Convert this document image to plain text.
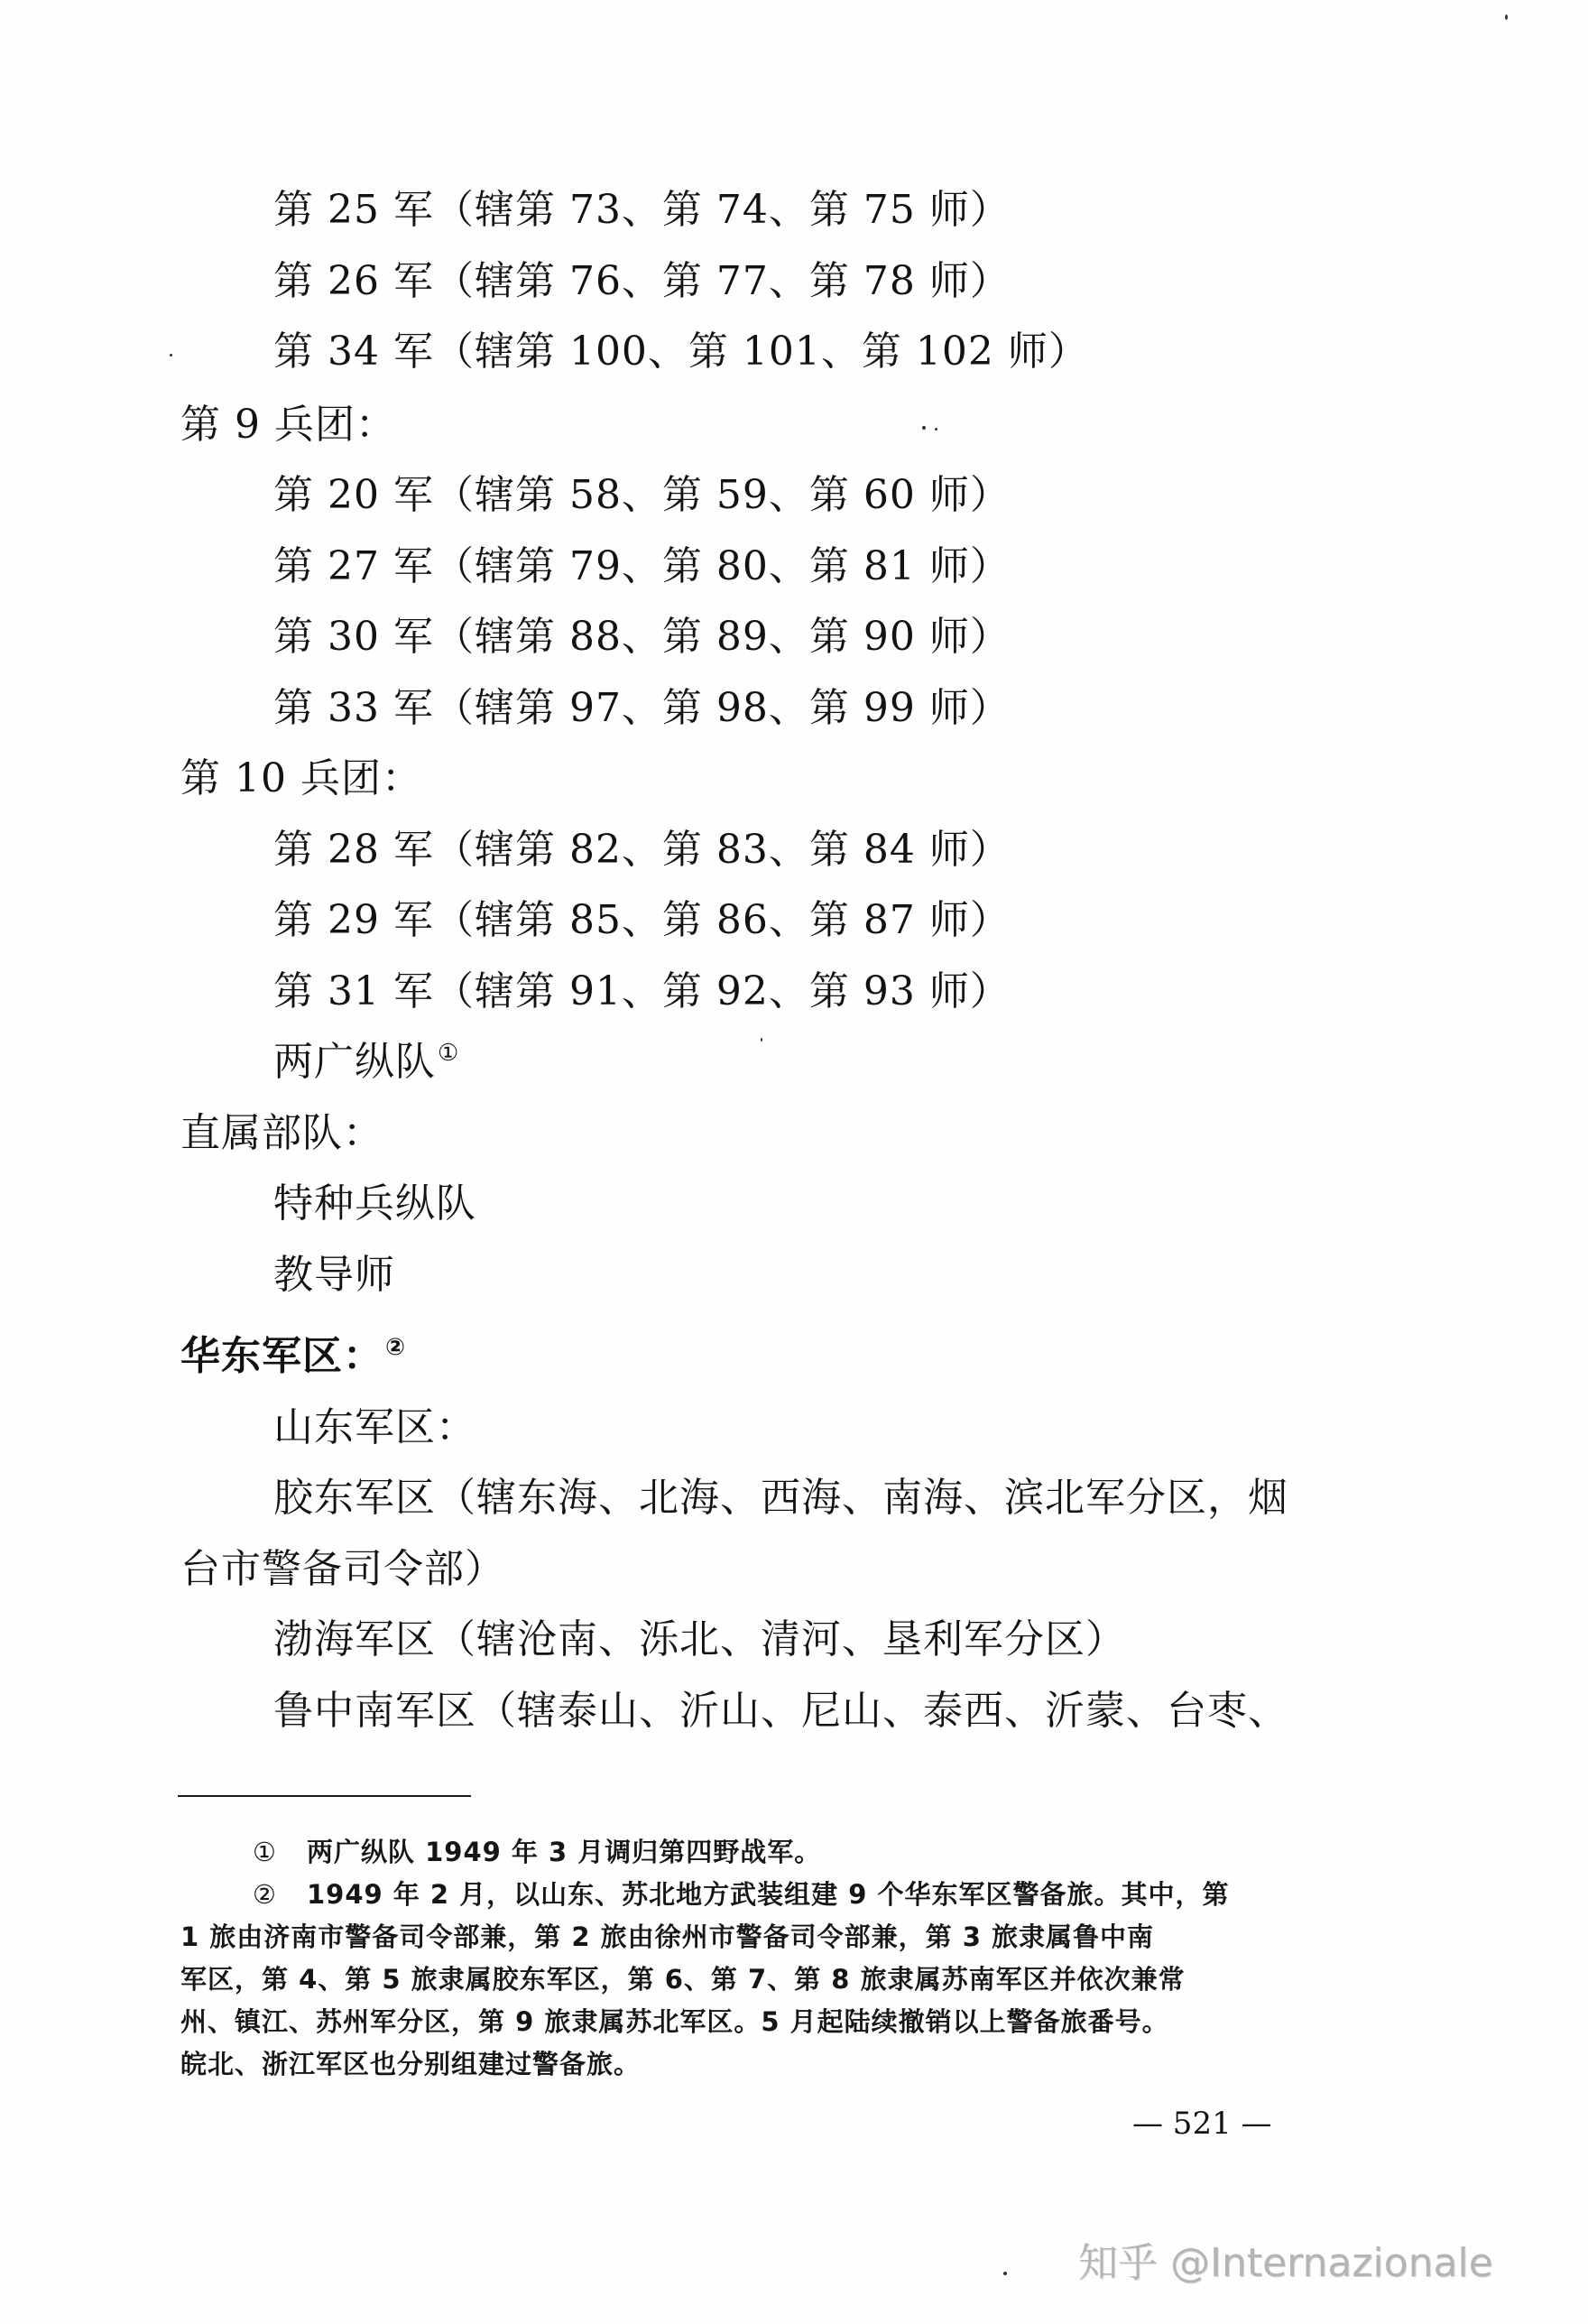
第 25 军（辖第 73、第 74、第 75 师）
第 26 军（辖第 76、第 77、第 78 师）
第 34 军（辖第 100、第 101、第 102 师）
第 9 兵团：
第 20 军（辖第 58、第 59、第 60 师）
第 27 军（辖第 79、第 80、第 81 师）
第 30 军（辖第 88、第 89、第 90 师）
第 33 军（辖第 97、第 98、第 99 师）
第 10 兵团：
第 28 军（辖第 82、第 83、第 84 师）
第 29 军（辖第 85、第 86、第 87 师）
第 31 军（辖第 91、第 92、第 93 师）
两广纵队①
直属部队：
特种兵纵队
教导师
华东军区：②
山东军区：
胶东军区（辖东海、北海、西海、南海、滨北军分区，烟
台市警备司令部）
渤海军区（辖沧南、泺北、清河、垦利军分区）
鲁中南军区（辖泰山、沂山、尼山、泰西、沂蒙、台枣、
① 两广纵队 1949 年 3 月调归第四野战军。
② 1949 年 2 月，以山东、苏北地方武装组建 9 个华东军区警备旅。其中，第
1 旅由济南市警备司令部兼，第 2 旅由徐州市警备司令部兼，第 3 旅隶属鲁中南
军区，第 4、第 5 旅隶属胶东军区，第 6、第 7、第 8 旅隶属苏南军区并依次兼常
州、镇江、苏州军分区，第 9 旅隶属苏北军区。5 月起陆续撤销以上警备旅番号。
皖北、浙江军区也分别组建过警备旅。
— 521 —
知乎 @Internazionale
